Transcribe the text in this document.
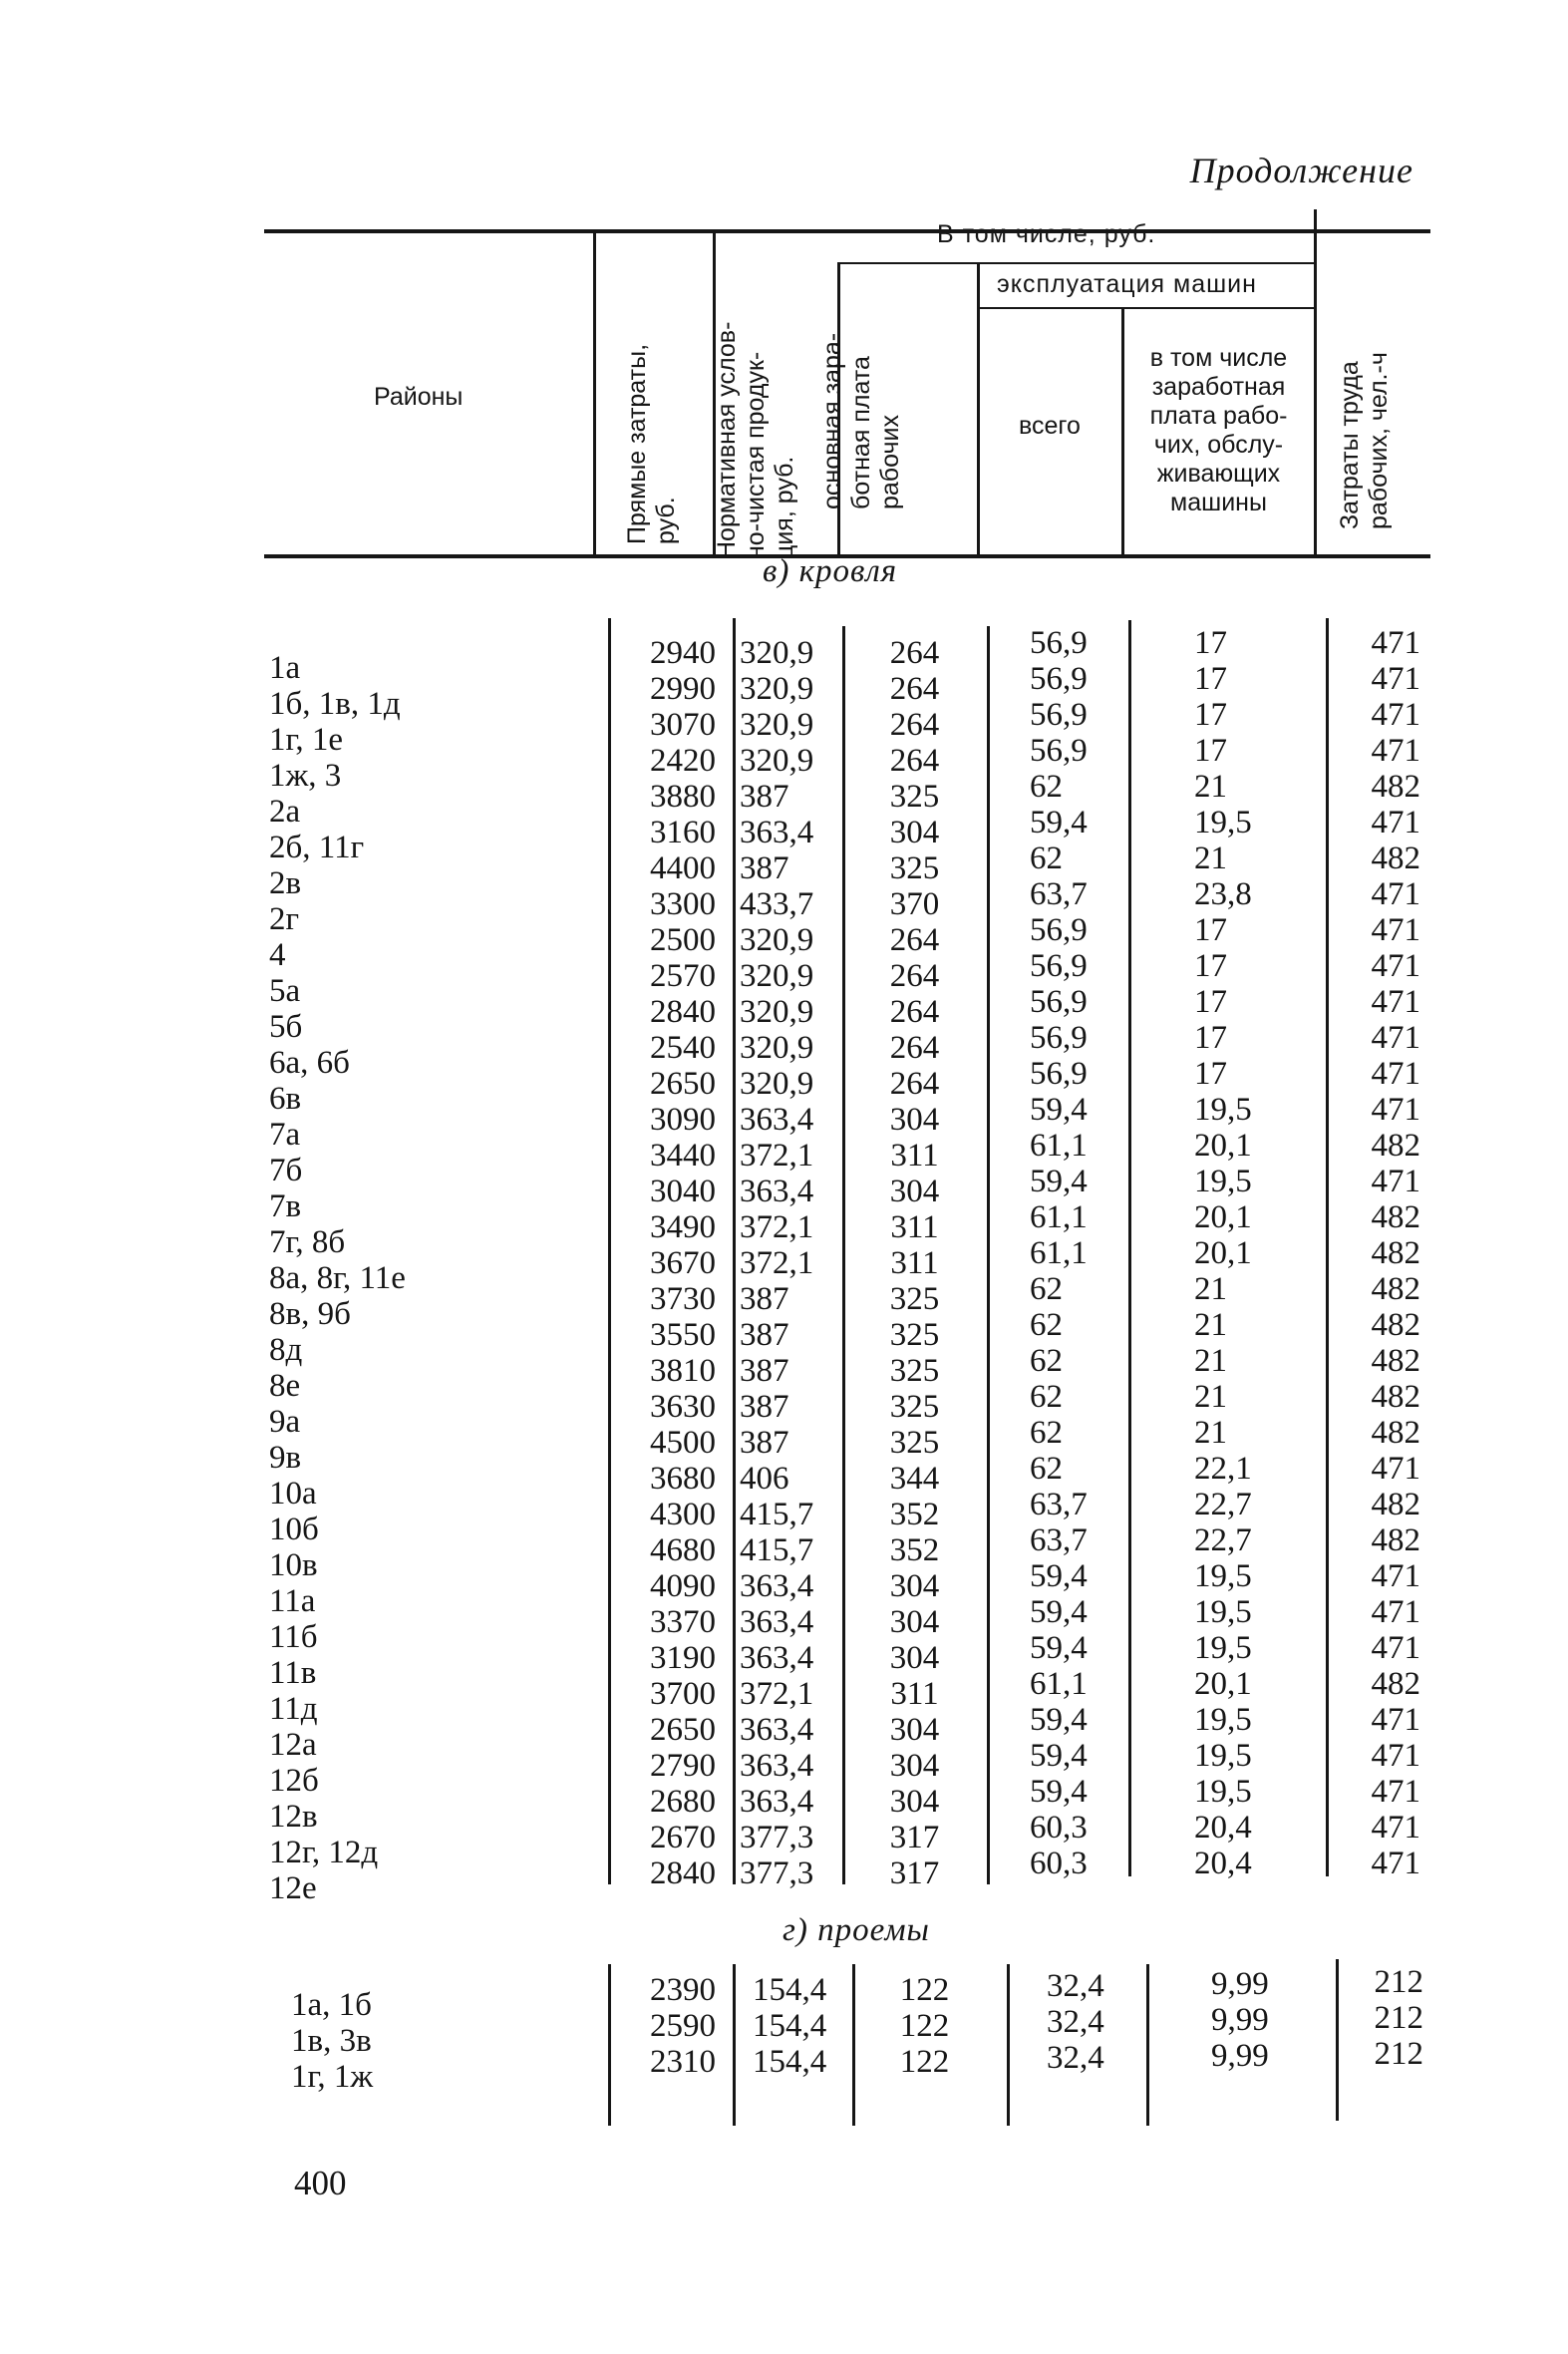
Продолжение
Районы
Прямые затраты,
руб. Нормативная услов-
но-чистая продук-
ция, руб.
В том числе, руб.
основная зара-
ботная плата
рабочих
эксплуатация машин
всего
в том числе
заработная
плата рабо-
чих, обслу-
живающих
машины	Затраты труда
рабочих, чел.-ч
в) кровля
1а
1б, 1в, 1д
1г, 1е
1ж, 3
2а
2б, 11г
2в
2г
4
5а
5б
6а, 6б
6в
7а
7б
7в
7г, 8б
8а, 8г, 11е
8в, 9б
8д
8е
9а
9в
10а
10б
10в
11а
11б
11в
11д
12а
12б
12в
12г, 12д
12е
2940
2990
3070
2420
3880
3160
4400
3300
2500
2570
2840
2540
2650
3090
3440
3040
3490
3670
3730
3550
3810
3630
4500
3680
4300
4680
4090
3370
3190
3700
2650
2790
2680
2670
2840
320,9
320,9
320,9
320,9
387
363,4
387
433,7
320,9
320,9
320,9
320,9
320,9
363,4
372,1
363,4
372,1
372,1
387
387
387
387
387
406
415,7
415,7
363,4
363,4
363,4
372,1
363,4
363,4
363,4
377,3
377,3
264
264
264
264
325
304
325
370
264
264
264
264
264
304
311
304
311
311
325
325
325
325
325
344
352
352
304
304
304
311
304
304
304
317
317
56,9
56,9
56,9
56,9
62
59,4
62
63,7
56,9
56,9
56,9
56,9
56,9
59,4
61,1
59,4
61,1
61,1
62
62
62
62
62
62
63,7
63,7
59,4
59,4
59,4
61,1
59,4
59,4
59,4
60,3
60,3
17
17
17
17
21
19,5
21
23,8
17
17
17
17
17
19,5
20,1
19,5
20,1
20,1
21
21
21
21
21
22,1
22,7
22,7
19,5
19,5
19,5
20,1
19,5
19,5
19,5
20,4
20,4
471
471
471
471
482
471
482
471
471
471
471
471
471
471
482
471
482
482
482
482
482
482
482
471
482
482
471
471
471
482
471
471
471
471
471
г) проемы
1а, 1б
1в, 3в
1г, 1ж
2390
2590
2310
154,4
154,4
154,4
122
122
122
32,4
32,4
32,4
9,99
9,99
9,99
212
212
212
400
